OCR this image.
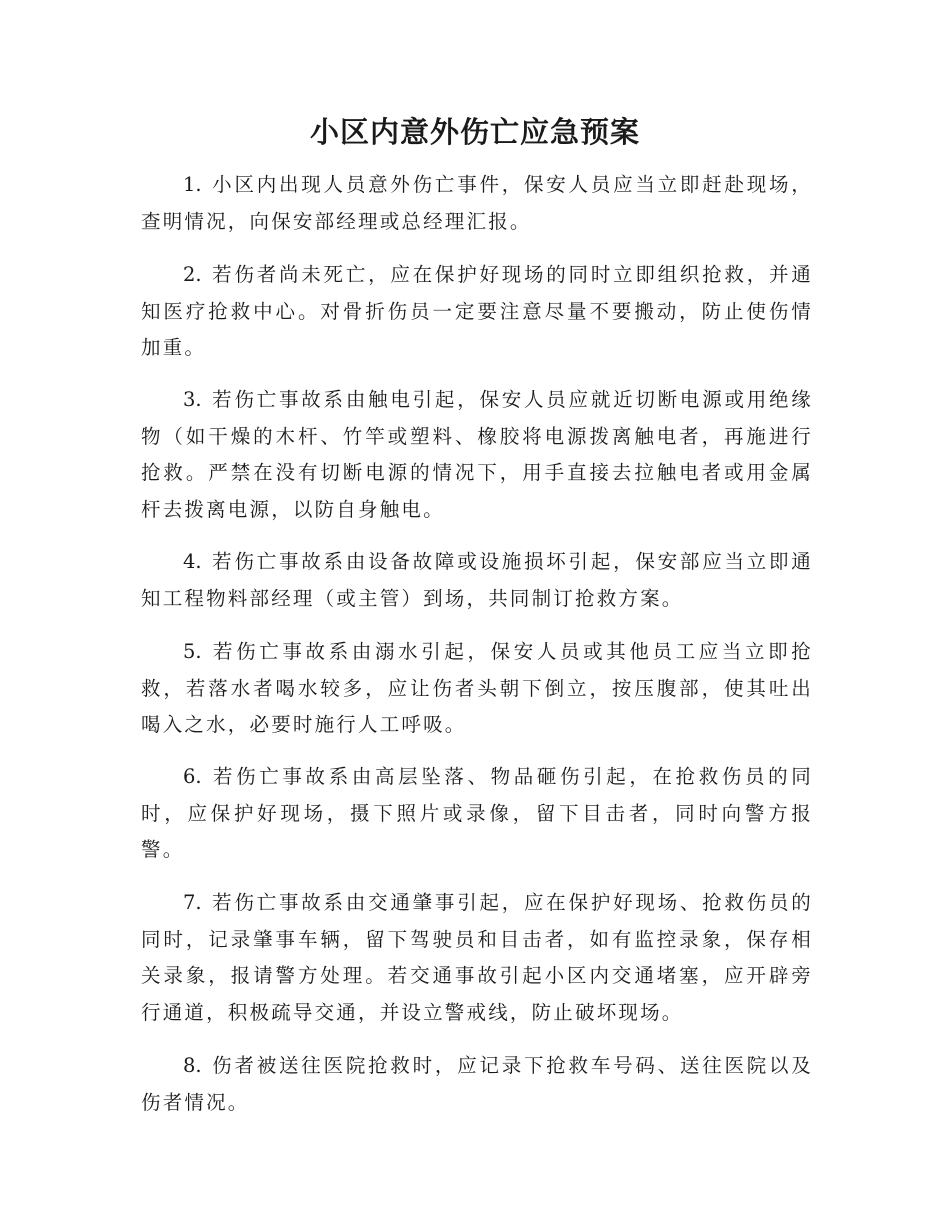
小区内意外伤亡应急预案

1. 小区内出现人员意外伤亡事件，保安人员应当立即赶赴现场，查明情况，向保安部经理或总经理汇报。

2. 若伤者尚未死亡，应在保护好现场的同时立即组织抢救，并通知医疗抢救中心。对骨折伤员一定要注意尽量不要搬动，防止使伤情加重。

3. 若伤亡事故系由触电引起，保安人员应就近切断电源或用绝缘物（如干燥的木杆、竹竿或塑料、橡胶将电源拨离触电者，再施进行抢救。严禁在没有切断电源的情况下，用手直接去拉触电者或用金属杆去拨离电源，以防自身触电。

4. 若伤亡事故系由设备故障或设施损坏引起，保安部应当立即通知工程物料部经理（或主管）到场，共同制订抢救方案。

5. 若伤亡事故系由溺水引起，保安人员或其他员工应当立即抢救，若落水者喝水较多，应让伤者头朝下倒立，按压腹部，使其吐出喝入之水，必要时施行人工呼吸。

6. 若伤亡事故系由高层坠落、物品砸伤引起，在抢救伤员的同时，应保护好现场，摄下照片或录像，留下目击者，同时向警方报警。

7. 若伤亡事故系由交通肇事引起，应在保护好现场、抢救伤员的同时，记录肇事车辆，留下驾驶员和目击者，如有监控录象，保存相关录象，报请警方处理。若交通事故引起小区内交通堵塞，应开辟旁行通道，积极疏导交通，并设立警戒线，防止破坏现场。

8. 伤者被送往医院抢救时，应记录下抢救车号码、送往医院以及伤者情况。
